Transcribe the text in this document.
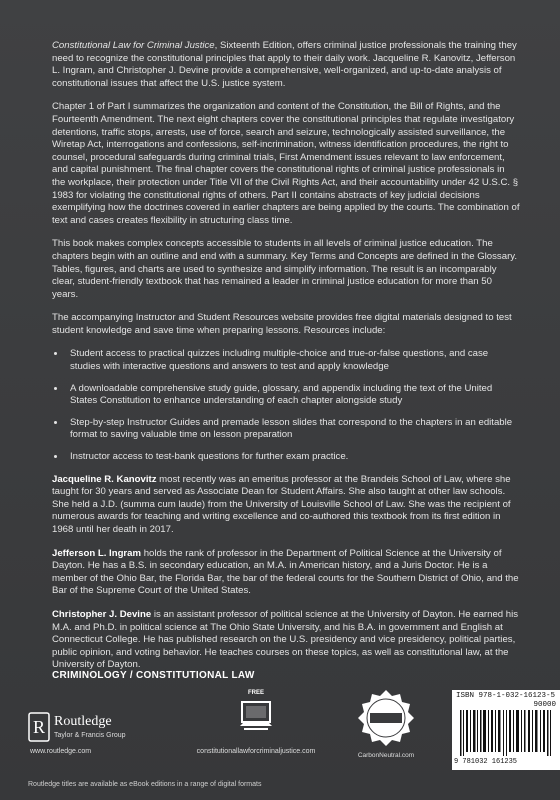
Constitutional Law for Criminal Justice, Sixteenth Edition, offers criminal justice professionals the training they need to recognize the constitutional principles that apply to their daily work. Jacqueline R. Kanovitz, Jefferson L. Ingram, and Christopher J. Devine provide a comprehensive, well-organized, and up-to-date analysis of constitutional issues that affect the U.S. justice system.

Chapter 1 of Part I summarizes the organization and content of the Constitution, the Bill of Rights, and the Fourteenth Amendment. The next eight chapters cover the constitutional principles that regulate investigatory detentions, traffic stops, arrests, use of force, search and seizure, technologically assisted surveillance, the Wiretap Act, interrogations and confessions, self-incrimination, witness identification procedures, the right to counsel, procedural safeguards during criminal trials, First Amendment issues relevant to law enforcement, and capital punishment. The final chapter covers the constitutional rights of criminal justice professionals in the workplace, their protection under Title VII of the Civil Rights Act, and their accountability under 42 U.S.C. § 1983 for violating the constitutional rights of others. Part II contains abstracts of key judicial decisions exemplifying how the doctrines covered in earlier chapters are being applied by the courts. The combination of text and cases creates flexibility in structuring class time.

This book makes complex concepts accessible to students in all levels of criminal justice education. The chapters begin with an outline and end with a summary. Key Terms and Concepts are defined in the Glossary. Tables, figures, and charts are used to synthesize and simplify information. The result is an incomparably clear, student-friendly textbook that has remained a leader in criminal justice education for more than 50 years.

The accompanying Instructor and Student Resources website provides free digital materials designed to test student knowledge and save time when preparing lessons. Resources include:

• Student access to practical quizzes including multiple-choice and true-or-false questions, and case studies with interactive questions and answers to test and apply knowledge
• A downloadable comprehensive study guide, glossary, and appendix including the text of the United States Constitution to enhance understanding of each chapter alongside study
• Step-by-step Instructor Guides and premade lesson slides that correspond to the chapters in an editable format to saving valuable time on lesson preparation
• Instructor access to test-bank questions for further exam practice.

Jacqueline R. Kanovitz most recently was an emeritus professor at the Brandeis School of Law, where she taught for 30 years and served as Associate Dean for Student Affairs. She also taught at other law schools. She held a J.D. (summa cum laude) from the University of Louisville School of Law. She was the recipient of numerous awards for teaching and writing excellence and co-authored this textbook from its first edition in 1968 until her death in 2017.

Jefferson L. Ingram holds the rank of professor in the Department of Political Science at the University of Dayton. He has a B.S. in secondary education, an M.A. in American history, and a Juris Doctor. He is a member of the Ohio Bar, the Florida Bar, the bar of the federal courts for the Southern District of Ohio, and the Bar of the Supreme Court of the United States.

Christopher J. Devine is an assistant professor of political science at the University of Dayton. He earned his M.A. and Ph.D. in political science at The Ohio State University, and his B.A. in government and English at Connecticut College. He has published research on the U.S. presidency and vice presidency, political parties, public opinion, and voting behavior. He teaches courses on these topics, as well as constitutional law, at the University of Dayton.

CRIMINOLOGY / CONSTITUTIONAL LAW
R Routledge
Taylor & Francis Group
www.routledge.com
FREE
constitutionallawforcriminaljustice.com
CarbonNeutral.com
ISBN 978-1-032-16123-5
90000
9 781032 161235
Routledge titles are available as eBook editions in a range of digital formats
